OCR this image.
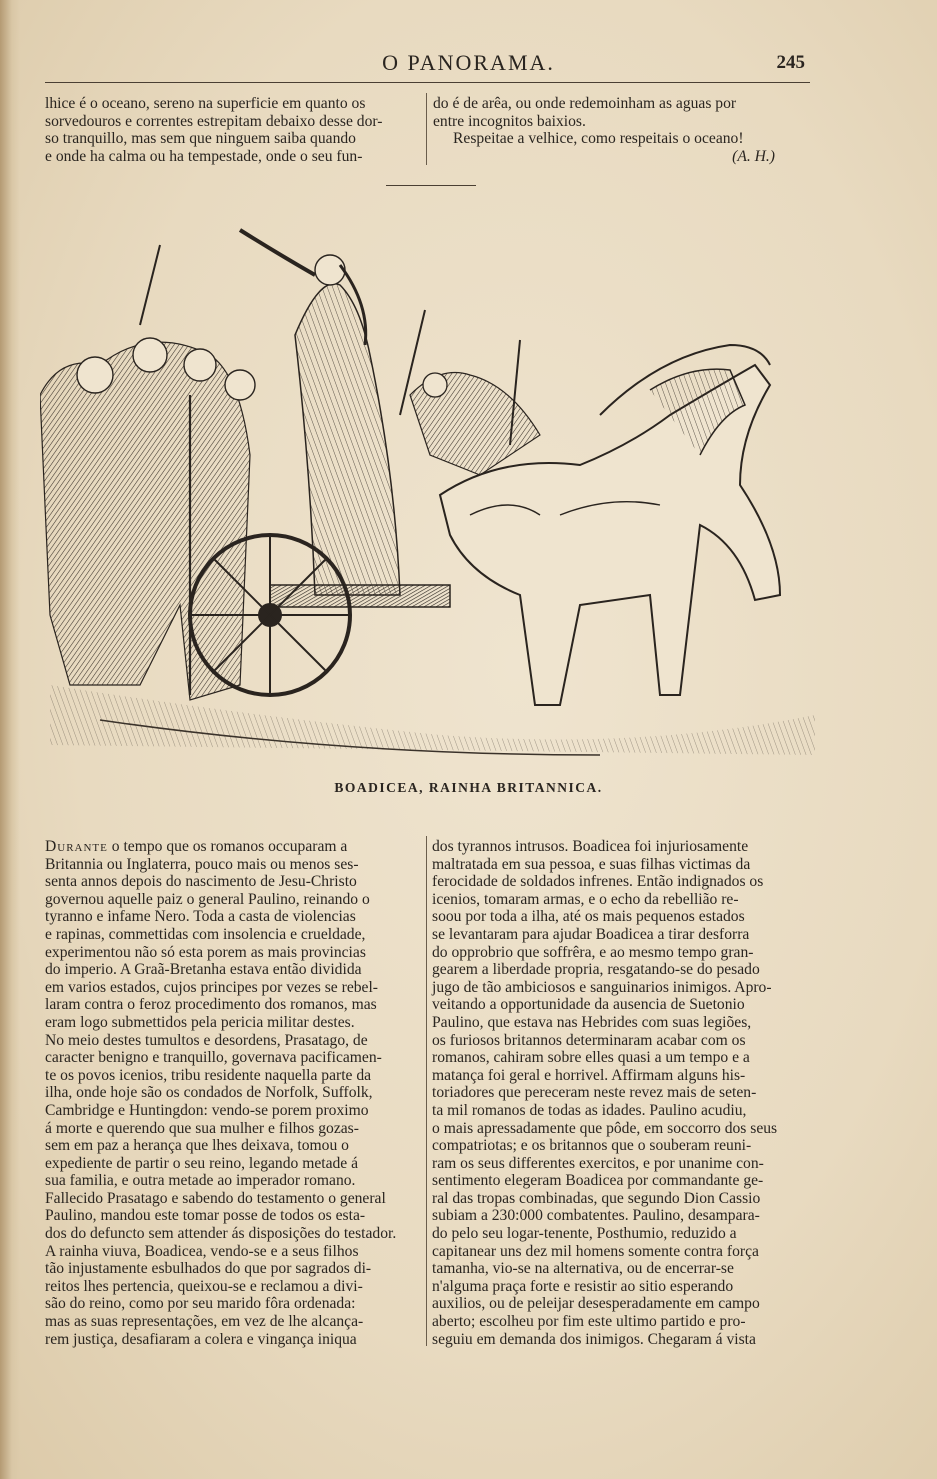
O PANORAMA.	245
lhice é o oceano, sereno na superficie em quanto os
sorvedouros e correntes estrepitam debaixo desse dor-
so tranquillo, mas sem que ninguem saiba quando
e onde ha calma ou ha tempestade, onde o seu fun-
do é de arêa, ou onde redemoinham as aguas por
entre incognitos baixios.
Respeitae a velhice, como respeitais o oceano!
(A. H.)
BOADICEA, RAINHA BRITANNICA.
Durante o tempo que os romanos occuparam a
Britannia ou Inglaterra, pouco mais ou menos ses-
senta annos depois do nascimento de Jesu-Christo
governou aquelle paiz o general Paulino, reinando o
tyranno e infame Nero. Toda a casta de violencias
e rapinas, commettidas com insolencia e crueldade,
experimentou não só esta porem as mais provincias
do imperio. A Graã-Bretanha estava então dividida
em varios estados, cujos principes por vezes se rebel-
laram contra o feroz procedimento dos romanos, mas
eram logo submettidos pela pericia militar destes.
No meio destes tumultos e desordens, Prasatago, de
caracter benigno e tranquillo, governava pacificamen-
te os povos icenios, tribu residente naquella parte da
ilha, onde hoje são os condados de Norfolk, Suffolk,
Cambridge e Huntingdon: vendo-se porem proximo
á morte e querendo que sua mulher e filhos gozas-
sem em paz a herança que lhes deixava, tomou o
expediente de partir o seu reino, legando metade á
sua familia, e outra metade ao imperador romano.
Fallecido Prasatago e sabendo do testamento o general
Paulino, mandou este tomar posse de todos os esta-
dos do defuncto sem attender ás disposições do testador.
A rainha viuva, Boadicea, vendo-se e a seus filhos
tão injustamente esbulhados do que por sagrados di-
reitos lhes pertencia, queixou-se e reclamou a divi-
são do reino, como por seu marido fôra ordenada:
mas as suas representações, em vez de lhe alcança-
rem justiça, desafiaram a colera e vingança iniqua
dos tyrannos intrusos. Boadicea foi injuriosamente
maltratada em sua pessoa, e suas filhas victimas da
ferocidade de soldados infrenes. Então indignados os
icenios, tomaram armas, e o echo da rebellião re-
soou por toda a ilha, até os mais pequenos estados
se levantaram para ajudar Boadicea a tirar desforra
do opprobrio que soffrêra, e ao mesmo tempo gran-
gearem a liberdade propria, resgatando-se do pesado
jugo de tão ambiciosos e sanguinarios inimigos. Apro-
veitando a opportunidade da ausencia de Suetonio
Paulino, que estava nas Hebrides com suas legiões,
os furiosos britannos determinaram acabar com os
romanos, cahiram sobre elles quasi a um tempo e a
matança foi geral e horrivel. Affirmam alguns his-
toriadores que pereceram neste revez mais de seten-
ta mil romanos de todas as idades. Paulino acudiu,
o mais apressadamente que pôde, em soccorro dos seus
compatriotas; e os britannos que o souberam reuni-
ram os seus differentes exercitos, e por unanime con-
sentimento elegeram Boadicea por commandante ge-
ral das tropas combinadas, que segundo Dion Cassio
subiam a 230:000 combatentes. Paulino, desampara-
do pelo seu logar-tenente, Posthumio, reduzido a
capitanear uns dez mil homens somente contra força
tamanha, vio-se na alternativa, ou de encerrar-se
n'alguma praça forte e resistir ao sitio esperando
auxilios, ou de peleijar desesperadamente em campo
aberto; escolheu por fim este ultimo partido e pro-
seguiu em demanda dos inimigos. Chegaram á vista
